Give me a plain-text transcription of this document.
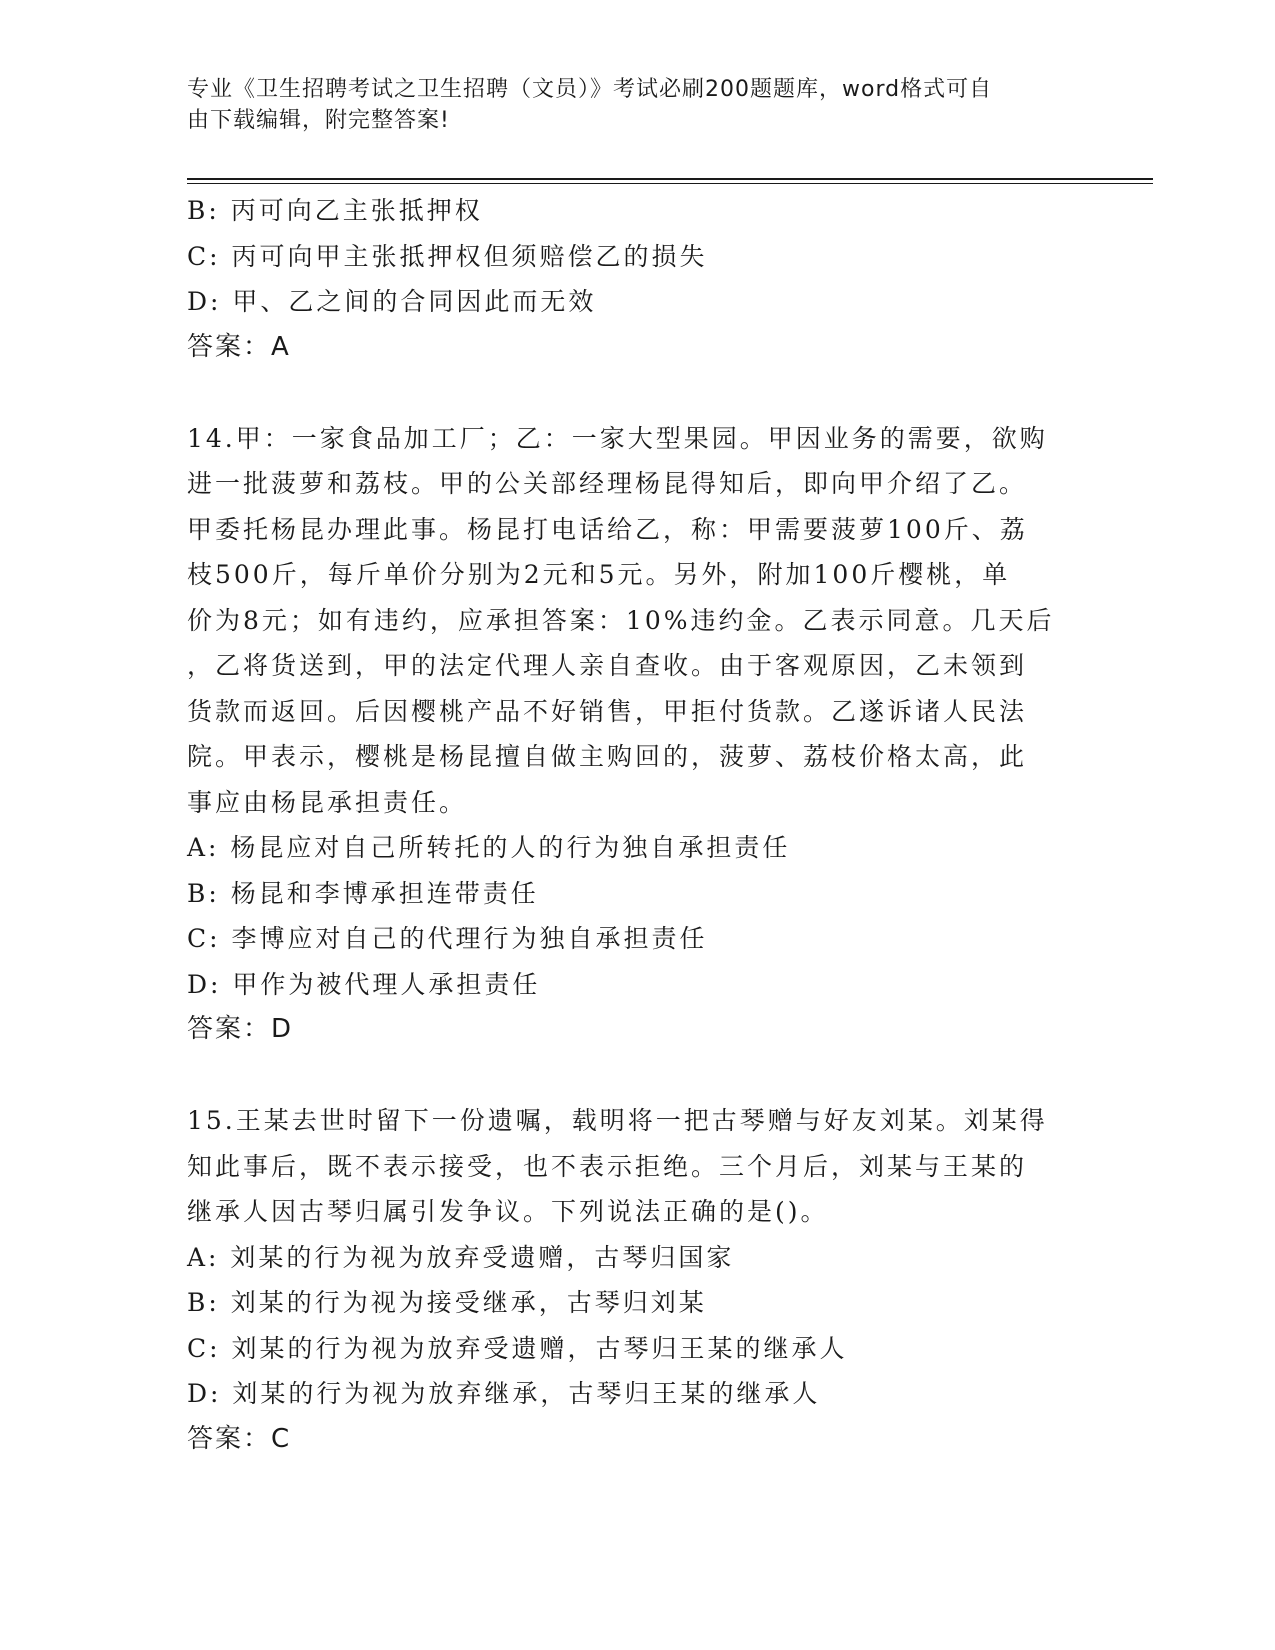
专业《卫生招聘考试之卫生招聘（文员）》考试必刷200题题库，word格式可自
由下载编辑，附完整答案!
B: 丙可向乙主张抵押权
C: 丙可向甲主张抵押权但须赔偿乙的损失
D: 甲、乙之间的合同因此而无效
答案：A
14.甲：一家食品加工厂；乙：一家大型果园。甲因业务的需要，欲购
进一批菠萝和荔枝。甲的公关部经理杨昆得知后，即向甲介绍了乙。
甲委托杨昆办理此事。杨昆打电话给乙，称：甲需要菠萝100斤、荔
枝500斤，每斤单价分别为2元和5元。另外，附加100斤樱桃，单
价为8元；如有违约，应承担答案：10%违约金。乙表示同意。几天后
，乙将货送到，甲的法定代理人亲自查收。由于客观原因，乙未领到
货款而返回。后因樱桃产品不好销售，甲拒付货款。乙遂诉诸人民法
院。甲表示，樱桃是杨昆擅自做主购回的，菠萝、荔枝价格太高，此
事应由杨昆承担责任。
A: 杨昆应对自己所转托的人的行为独自承担责任
B: 杨昆和李博承担连带责任
C: 李博应对自己的代理行为独自承担责任
D: 甲作为被代理人承担责任
答案：D
15.王某去世时留下一份遗嘱，载明将一把古琴赠与好友刘某。刘某得
知此事后，既不表示接受，也不表示拒绝。三个月后，刘某与王某的
继承人因古琴归属引发争议。下列说法正确的是()。
A: 刘某的行为视为放弃受遗赠，古琴归国家
B: 刘某的行为视为接受继承，古琴归刘某
C: 刘某的行为视为放弃受遗赠，古琴归王某的继承人
D: 刘某的行为视为放弃继承，古琴归王某的继承人
答案：C
